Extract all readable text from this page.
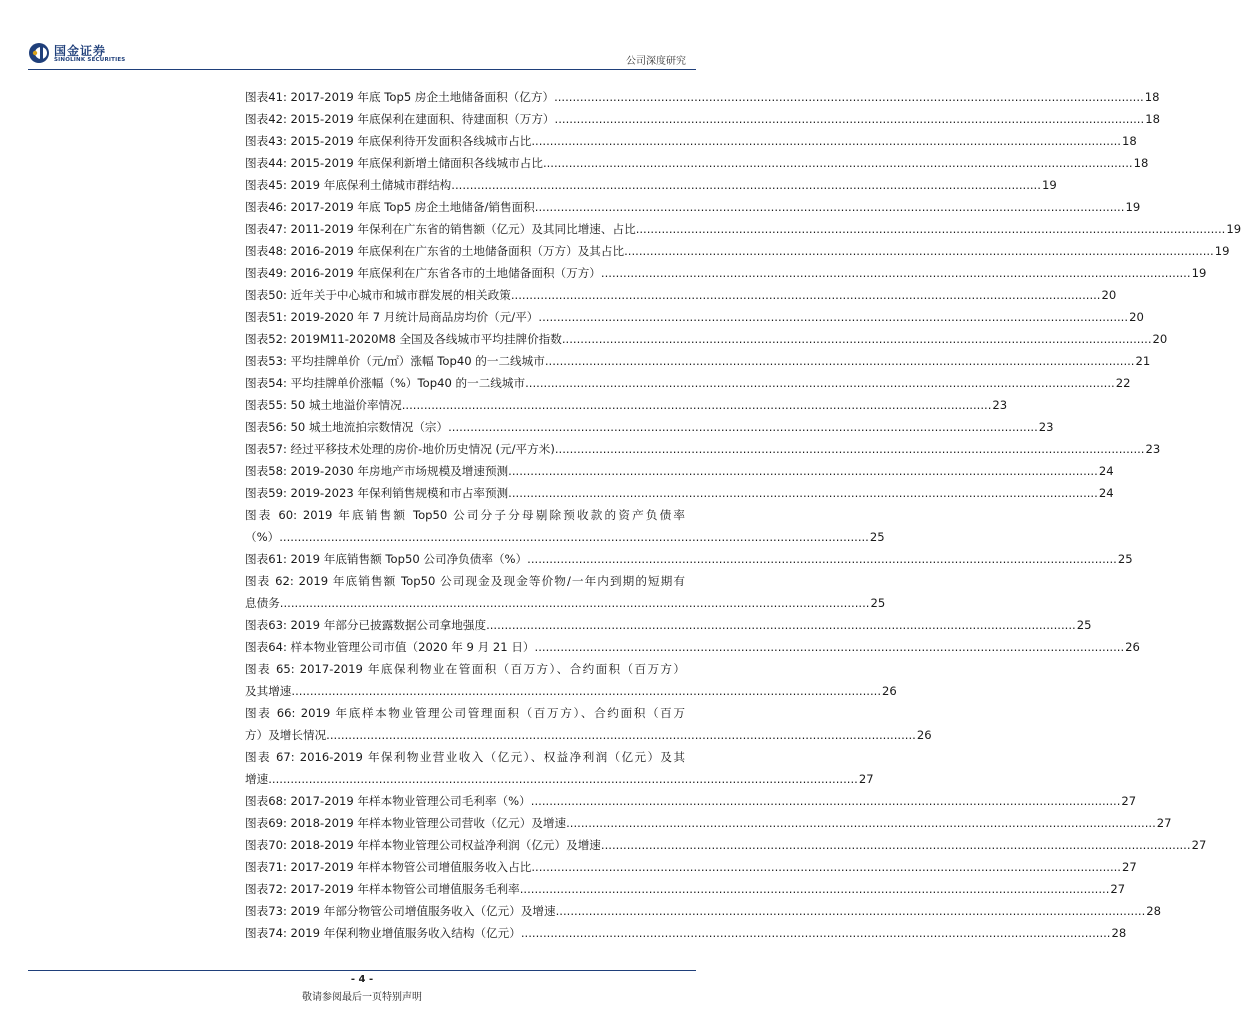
国金证券
SINOLINK SECURITIES	公司深度研究
图表41: 2017-2019 年底 Top5 房企土地储备面积（亿方） .....	18
图表42: 2015-2019 年底保利在建面积、待建面积（万方） .....	18
图表43: 2015-2019 年底保利待开发面积各线城市占比 .....	18
图表44: 2015-2019 年底保利新增土储面积各线城市占比 .....	18
图表45: 2019 年底保利土储城市群结构 .....	19
图表46: 2017-2019 年底 Top5 房企土地储备/销售面积 .....	19
图表47: 2011-2019 年保利在广东省的销售额（亿元）及其同比增速、占比 .....	19
图表48: 2016-2019 年底保利在广东省的土地储备面积（万方）及其占比 .....	19
图表49: 2016-2019 年底保利在广东省各市的土地储备面积（万方） .....	19
图表50: 近年关于中心城市和城市群发展的相关政策 .....	20
图表51: 2019-2020 年 7 月统计局商品房均价（元/平） .....	20
图表52: 2019M11-2020M8 全国及各线城市平均挂牌价指数 .....	20
图表53: 平均挂牌单价（元/㎡）涨幅 Top40 的一二线城市 .....	21
图表54: 平均挂牌单价涨幅（%）Top40 的一二线城市 .....	22
图表55: 50 城土地溢价率情况 .....	23
图表56: 50 城土地流拍宗数情况（宗） .....	23
图表57: 经过平移技术处理的房价-地价历史情况 (元/平方米) .....	23
图表58: 2019-2030 年房地产市场规模及增速预测 .....	24
图表59: 2019-2023 年保利销售规模和市占率预测 .....	24
图表 60: 2019 年底销售额 Top50 公司分子分母剔除预收款的资产负债率
（%） .....	25
图表61: 2019 年底销售额 Top50 公司净负债率（%） .....	25
图表 62: 2019 年底销售额 Top50 公司现金及现金等价物/一年内到期的短期有
息债务 .....	25
图表63: 2019 年部分已披露数据公司拿地强度 .....	25
图表64: 样本物业管理公司市值（2020 年 9 月 21 日） .....	26
图表 65: 2017-2019 年底保利物业在管面积（百万方）、合约面积（百万方）
及其增速 .....	26
图表 66: 2019 年底样本物业管理公司管理面积（百万方）、合约面积（百万
方）及增长情况 .....	26
图表 67: 2016-2019 年保利物业营业收入（亿元）、权益净利润（亿元）及其
增速 .....	27
图表68: 2017-2019 年样本物业管理公司毛利率（%） .....	27
图表69: 2018-2019 年样本物业管理公司营收（亿元）及增速 .....	27
图表70: 2018-2019 年样本物业管理公司权益净利润（亿元）及增速 .....	27
图表71: 2017-2019 年样本物管公司增值服务收入占比 .....	27
图表72: 2017-2019 年样本物管公司增值服务毛利率 .....	27
图表73: 2019 年部分物管公司增值服务收入（亿元）及增速 .....	28
图表74: 2019 年保利物业增值服务收入结构（亿元） .....	28
- 4 -
敬请参阅最后一页特别声明
